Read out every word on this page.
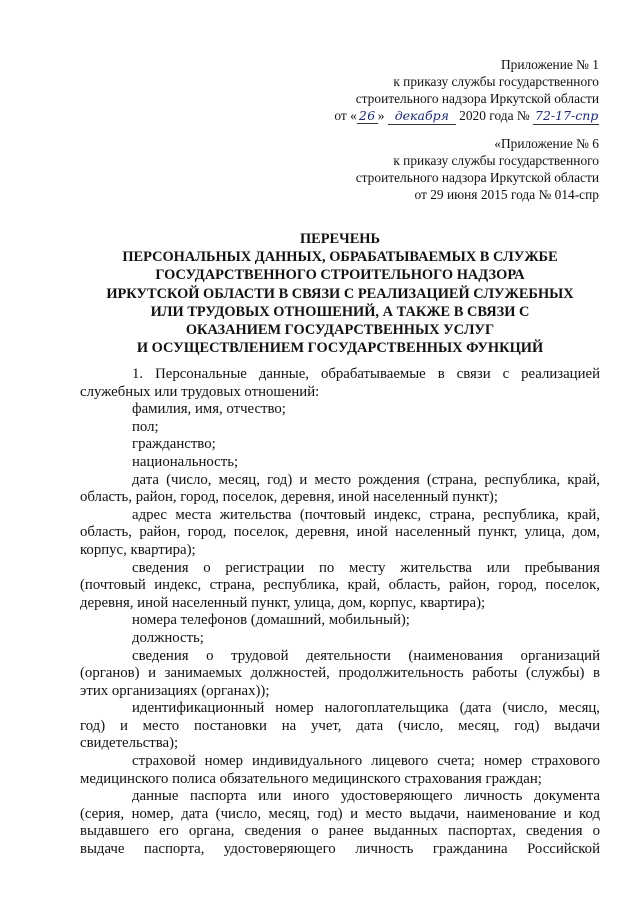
Приложение № 1
к приказу службы государственного
строительного надзора Иркутской области
от « 26 » декабря 2020 года № 72-17-спр
«Приложение № 6
к приказу службы государственного
строительного надзора Иркутской области
от 29 июня 2015 года № 014-спр
ПЕРЕЧЕНЬ
ПЕРСОНАЛЬНЫХ ДАННЫХ, ОБРАБАТЫВАЕМЫХ В СЛУЖБЕ
ГОСУДАРСТВЕННОГО СТРОИТЕЛЬНОГО НАДЗОРА
ИРКУТСКОЙ ОБЛАСТИ В СВЯЗИ С РЕАЛИЗАЦИЕЙ СЛУЖЕБНЫХ
ИЛИ ТРУДОВЫХ ОТНОШЕНИЙ, А ТАКЖЕ В СВЯЗИ С
ОКАЗАНИЕМ ГОСУДАРСТВЕННЫХ УСЛУГ
И ОСУЩЕСТВЛЕНИЕМ ГОСУДАРСТВЕННЫХ ФУНКЦИЙ
1. Персональные данные, обрабатываемые в связи с реализацией
служебных или трудовых отношений:
фамилия, имя, отчество;
пол;
гражданство;
национальность;
дата (число, месяц, год) и место рождения (страна, республика, край,
область, район, город, поселок, деревня, иной населенный пункт);
адрес места жительства (почтовый индекс, страна, республика, край,
область, район, город, поселок, деревня, иной населенный пункт, улица, дом,
корпус, квартира);
сведения о регистрации по месту жительства или пребывания
(почтовый индекс, страна, республика, край, область, район, город, поселок,
деревня, иной населенный пункт, улица, дом, корпус, квартира);
номера телефонов (домашний, мобильный);
должность;
сведения о трудовой деятельности (наименования организаций
(органов) и занимаемых должностей, продолжительность работы (службы) в
этих организациях (органах));
идентификационный номер налогоплательщика (дата (число, месяц,
год) и место постановки на учет, дата (число, месяц, год) выдачи
свидетельства);
страховой номер индивидуального лицевого счета; номер страхового
медицинского полиса обязательного медицинского страхования граждан;
данные паспорта или иного удостоверяющего личность документа
(серия, номер, дата (число, месяц, год) и место выдачи, наименование и код
выдавшего его органа, сведения о ранее выданных паспортах, сведения о
выдаче паспорта, удостоверяющего личность гражданина Российской
